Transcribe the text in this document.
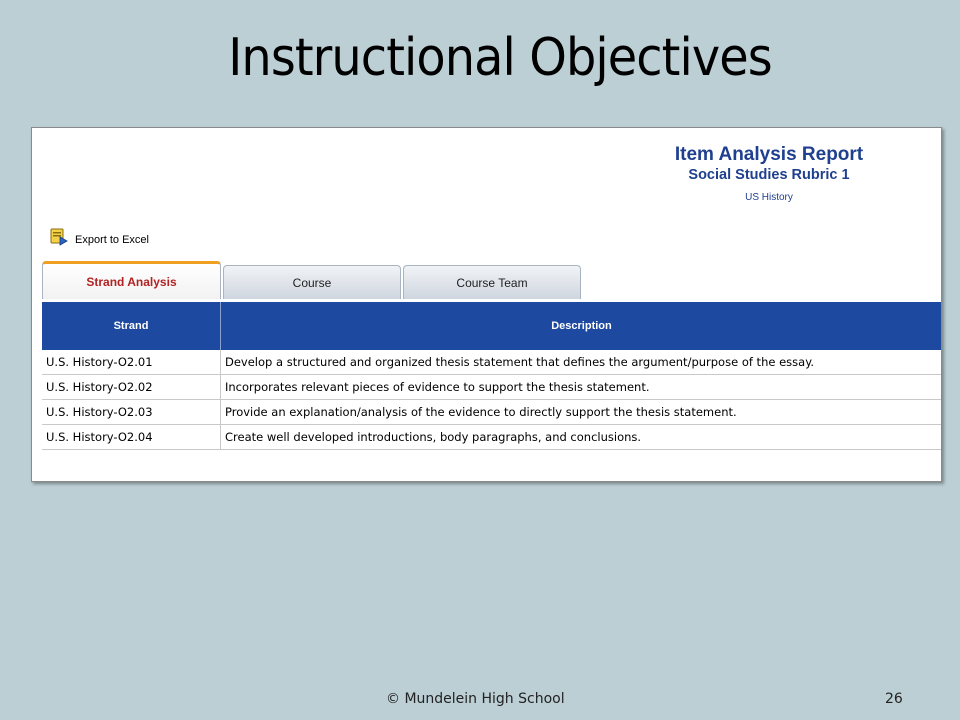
Instructional Objectives
Item Analysis Report
Social Studies Rubric 1
US History
Export to Excel
Strand Analysis	Course	Course Team
Strand	Description
U.S. History-O2.01	Develop a structured and organized thesis statement that defines the argument/purpose of the essay.
U.S. History-O2.02	Incorporates relevant pieces of evidence to support the thesis statement.
U.S. History-O2.03	Provide an explanation/analysis of the evidence to directly support the thesis statement.
U.S. History-O2.04	Create well developed introductions, body paragraphs, and conclusions.
© Mundelein High School	26
